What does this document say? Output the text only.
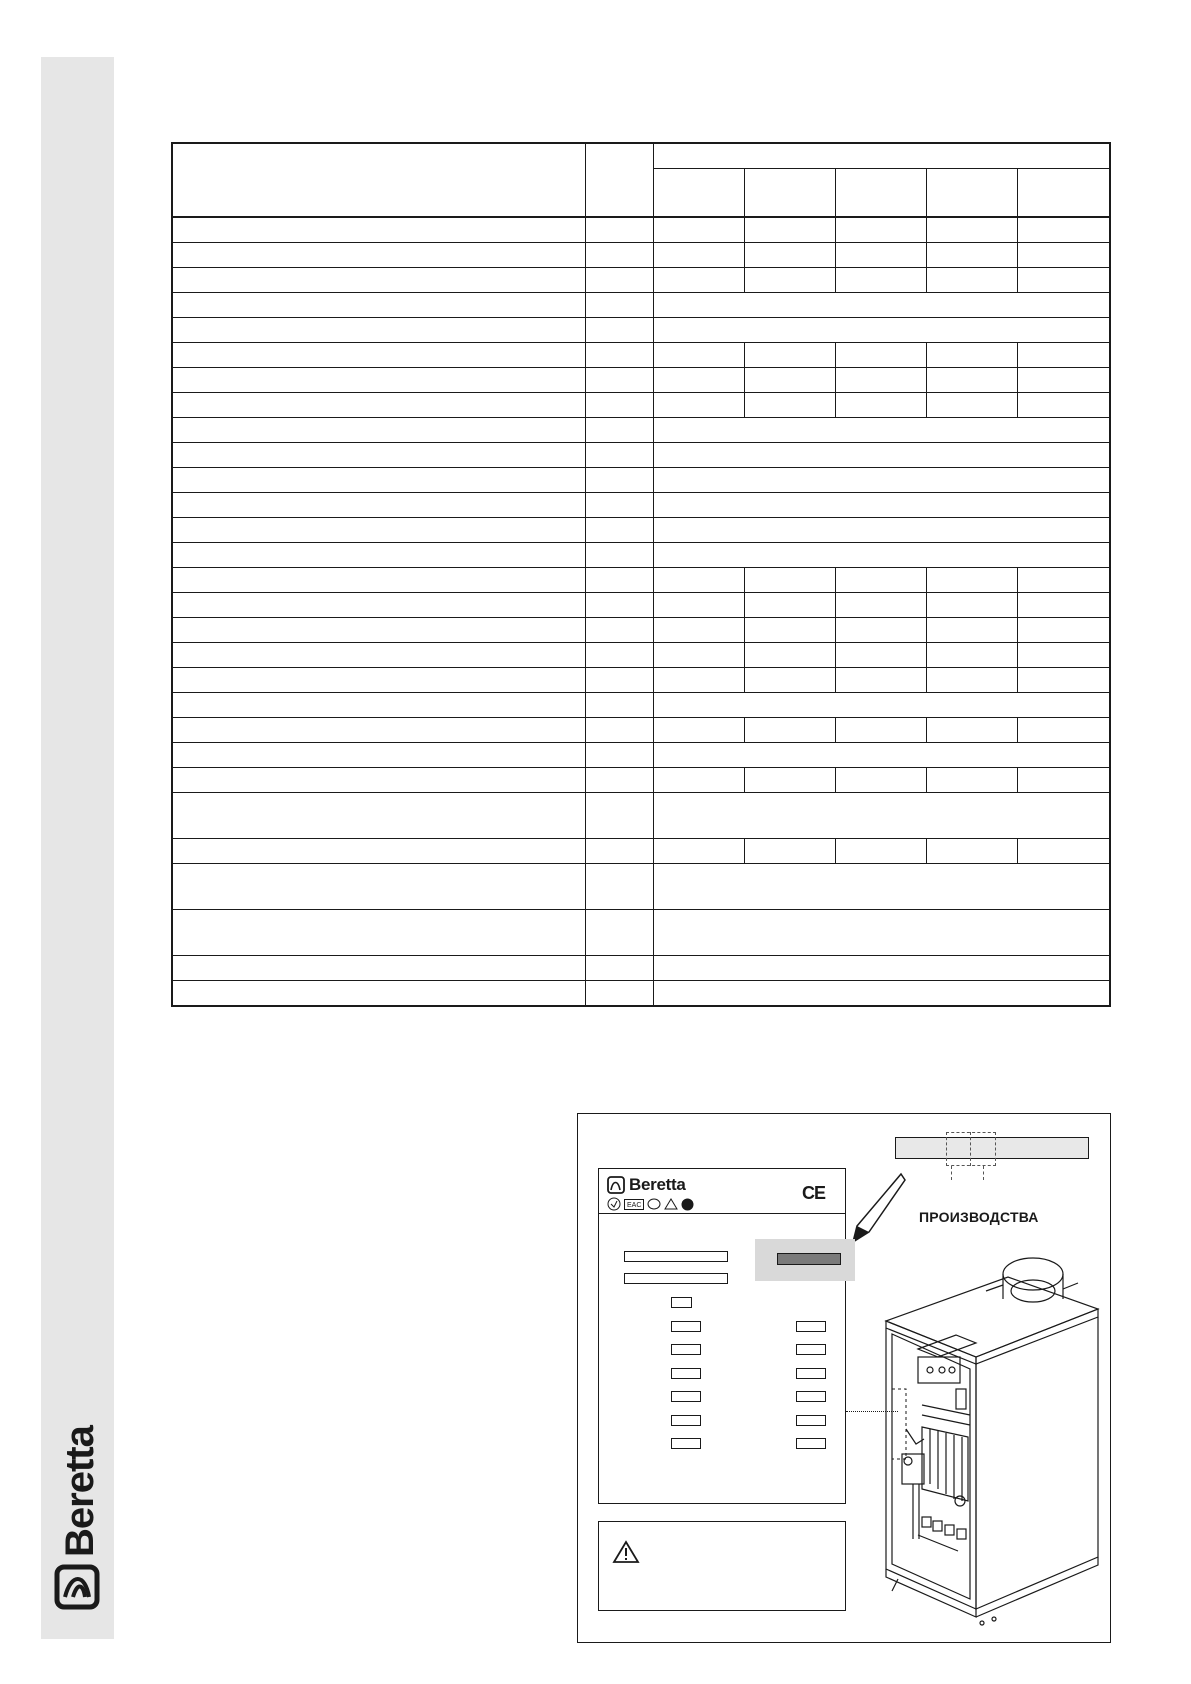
Beretta

ПРОИЗВОДСТВА
Beretta
EAC
CE
